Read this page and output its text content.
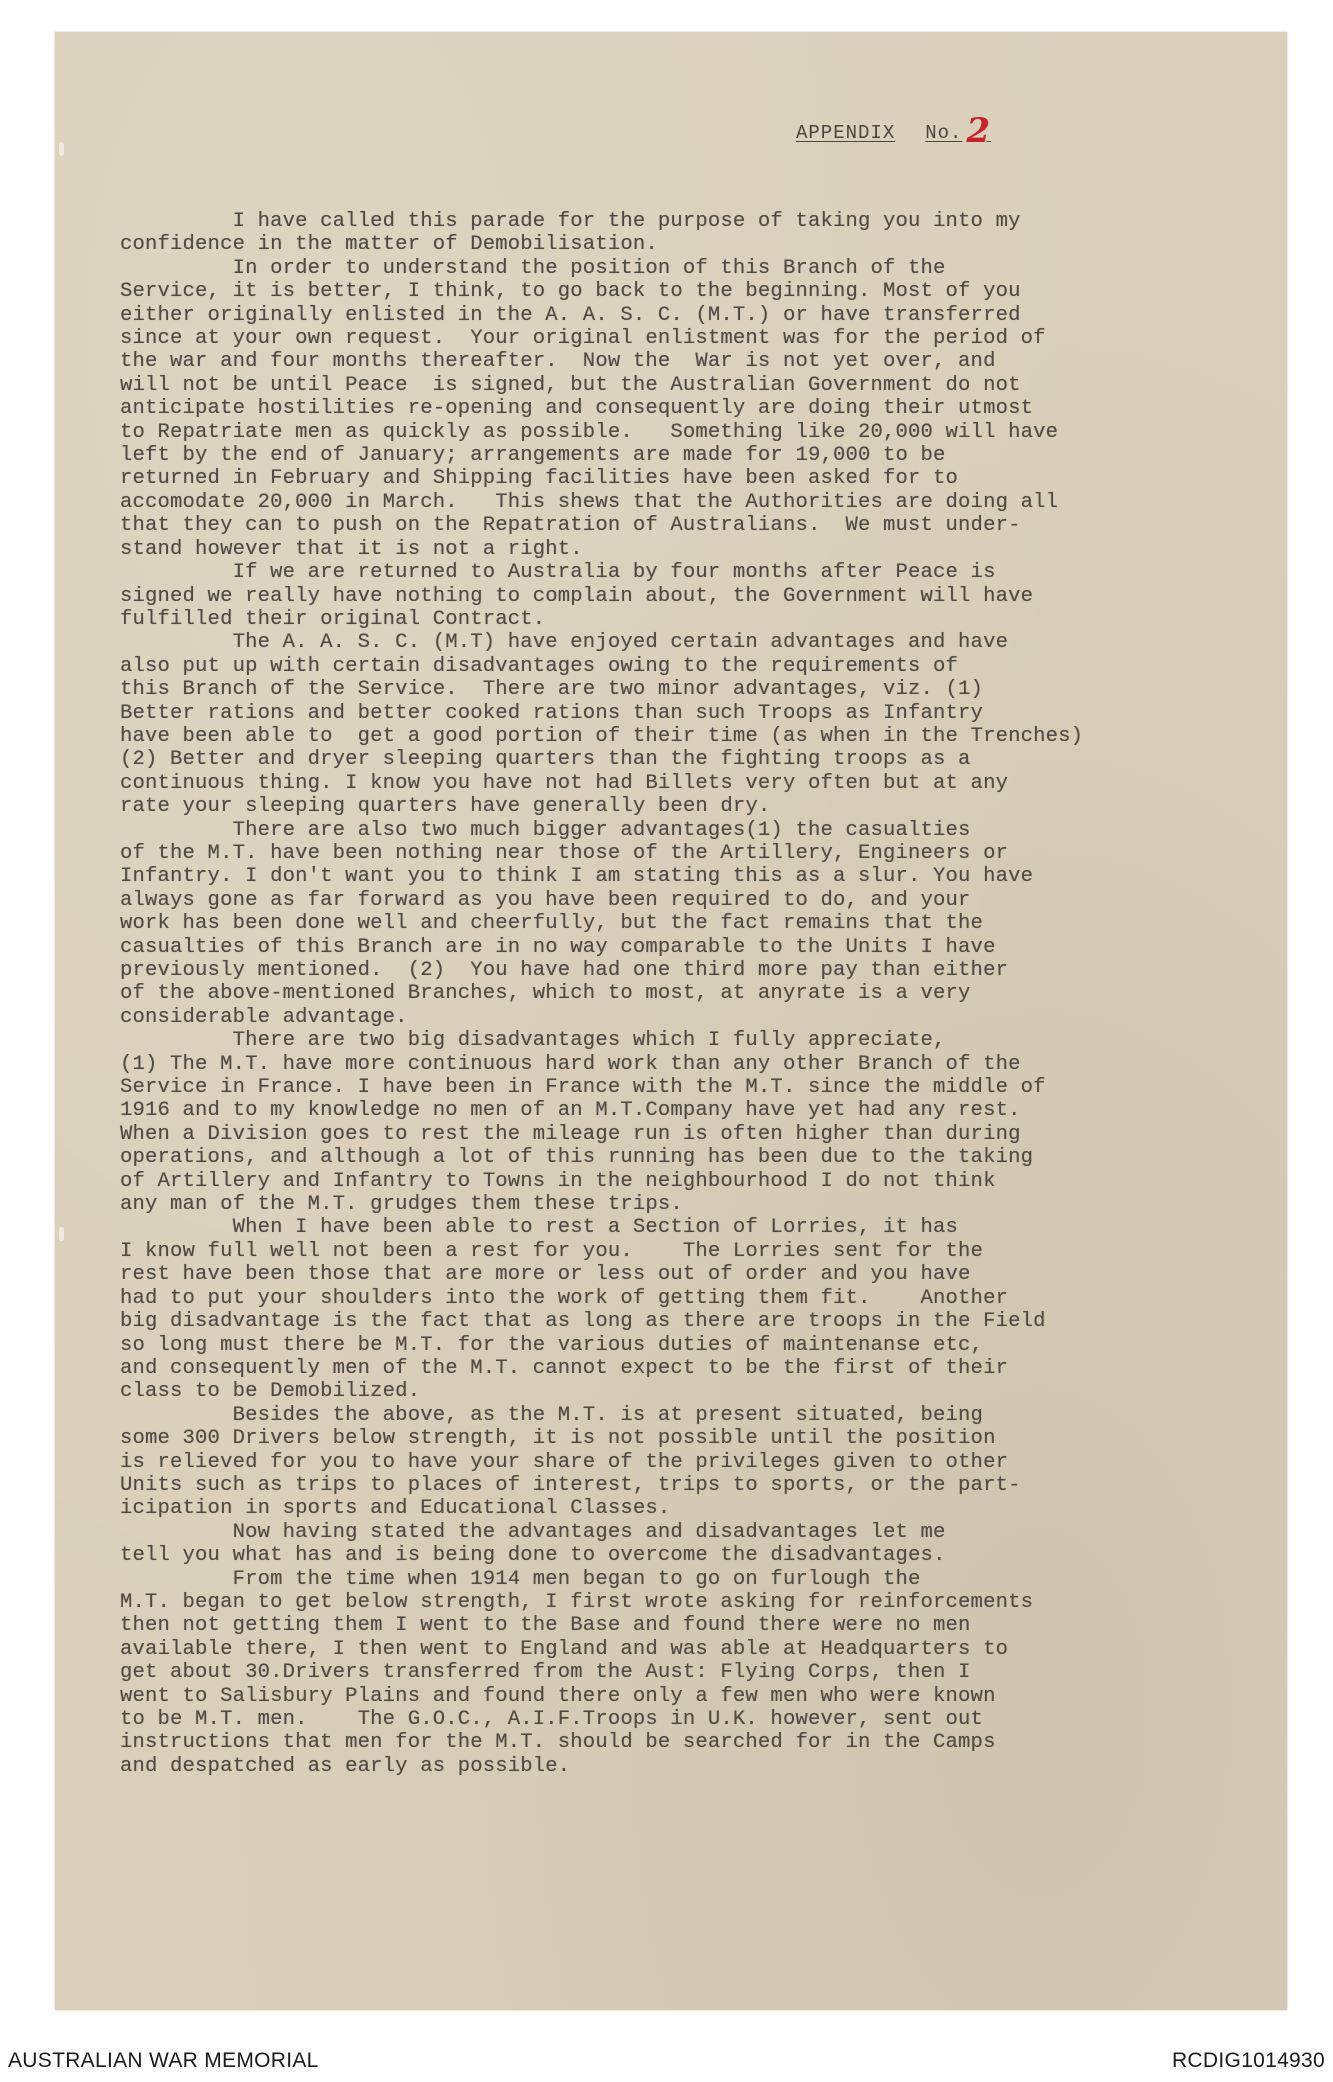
APPENDIX No. 2

I have called this parade for the purpose of taking you into my

confidence in the matter of Demobilisation.

In order to understand the position of this Branch of the

Service, it is better, I think, to go back to the beginning. Most of you

either originally enlisted in the A. A. S. C. (M.T.) or have transferred

since at your own request.  Your original enlistment was for the period of

the war and four months thereafter.  Now the  War is not yet over, and

will not be until Peace  is signed, but the Australian Government do not

anticipate hostilities re-opening and consequently are doing their utmost

to Repatriate men as quickly as possible.   Something like 20,000 will have

left by the end of January; arrangements are made for 19,000 to be

returned in February and Shipping facilities have been asked for to

accomodate 20,000 in March.   This shews that the Authorities are doing all

that they can to push on the Repatration of Australians.  We must under-

stand however that it is not a right.

If we are returned to Australia by four months after Peace is

signed we really have nothing to complain about, the Government will have

fulfilled their original Contract.

The A. A. S. C. (M.T) have enjoyed certain advantages and have

also put up with certain disadvantages owing to the requirements of

this Branch of the Service.  There are two minor advantages, viz. (1)

Better rations and better cooked rations than such Troops as Infantry

have been able to  get a good portion of their time (as when in the Trenches)

(2) Better and dryer sleeping quarters than the fighting troops as a

continuous thing. I know you have not had Billets very often but at any

rate your sleeping quarters have generally been dry.

There are also two much bigger advantages(1) the casualties

of the M.T. have been nothing near those of the Artillery, Engineers or

Infantry. I don't want you to think I am stating this as a slur. You have

always gone as far forward as you have been required to do, and your

work has been done well and cheerfully, but the fact remains that the

casualties of this Branch are in no way comparable to the Units I have

previously mentioned.  (2)  You have had one third more pay than either

of the above-mentioned Branches, which to most, at anyrate is a very

considerable advantage.

There are two big disadvantages which I fully appreciate,

(1) The M.T. have more continuous hard work than any other Branch of the

Service in France. I have been in France with the M.T. since the middle of

1916 and to my knowledge no men of an M.T.Company have yet had any rest.

When a Division goes to rest the mileage run is often higher than during

operations, and although a lot of this running has been due to the taking

of Artillery and Infantry to Towns in the neighbourhood I do not think

any man of the M.T. grudges them these trips.

When I have been able to rest a Section of Lorries, it has

I know full well not been a rest for you.    The Lorries sent for the

rest have been those that are more or less out of order and you have

had to put your shoulders into the work of getting them fit.    Another

big disadvantage is the fact that as long as there are troops in the Field

so long must there be M.T. for the various duties of maintenanse etc,

and consequently men of the M.T. cannot expect to be the first of their

class to be Demobilized.

Besides the above, as the M.T. is at present situated, being

some 300 Drivers below strength, it is not possible until the position

is relieved for you to have your share of the privileges given to other

Units such as trips to places of interest, trips to sports, or the part-

icipation in sports and Educational Classes.

Now having stated the advantages and disadvantages let me

tell you what has and is being done to overcome the disadvantages.

From the time when 1914 men began to go on furlough the

M.T. began to get below strength, I first wrote asking for reinforcements

then not getting them I went to the Base and found there were no men

available there, I then went to England and was able at Headquarters to

get about 30.Drivers transferred from the Aust: Flying Corps, then I

went to Salisbury Plains and found there only a few men who were known

to be M.T. men.    The G.O.C., A.I.F.Troops in U.K. however, sent out

instructions that men for the M.T. should be searched for in the Camps

and despatched as early as possible.

AUSTRALIAN WAR MEMORIAL	RCDIG1014930
